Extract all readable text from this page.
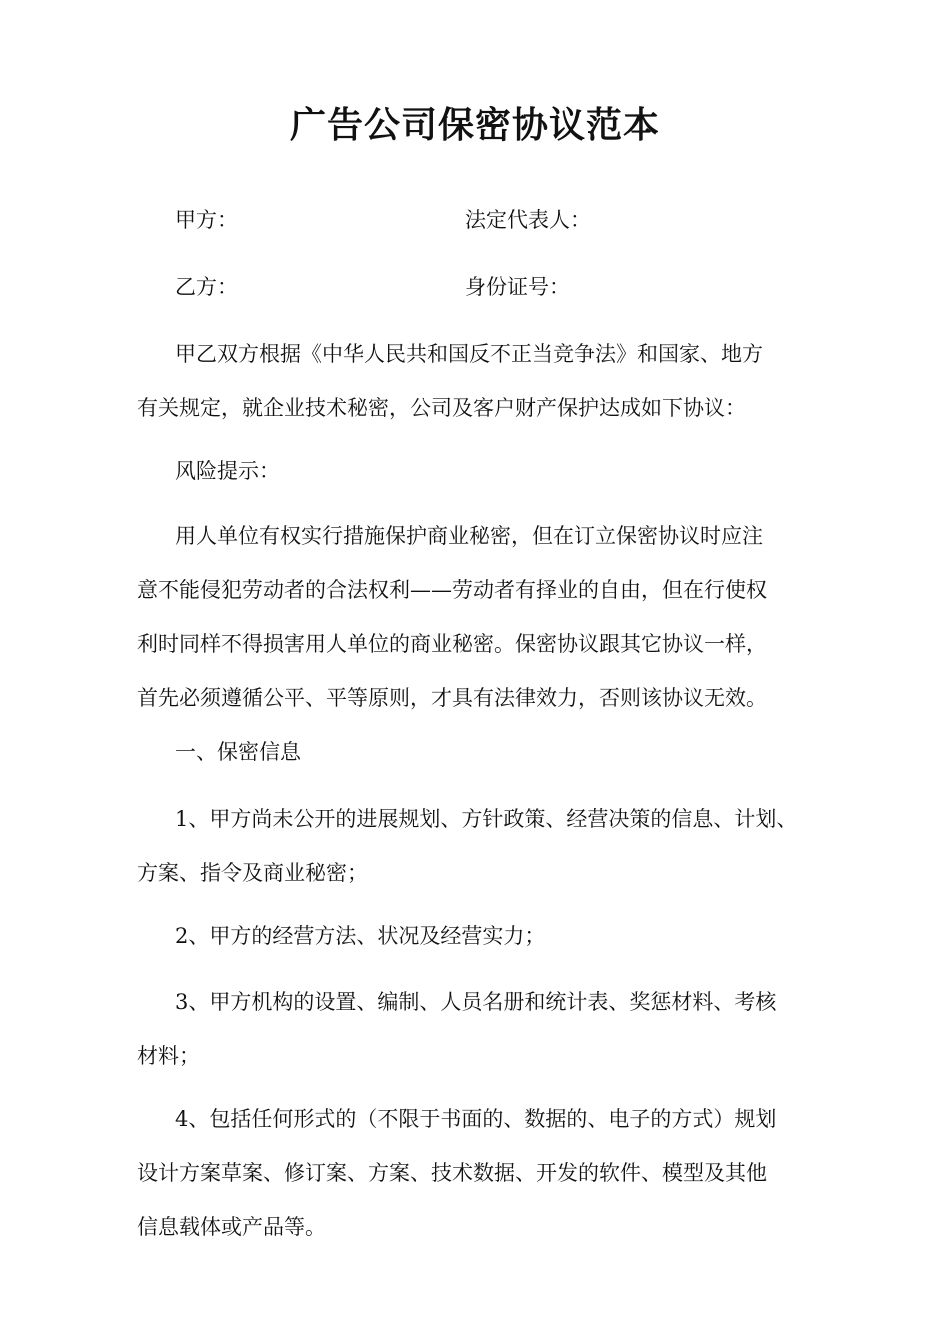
广告公司保密协议范本
甲方：	法定代表人：
乙方：	身份证号：
甲乙双方根据《中华人民共和国反不正当竞争法》和国家、地方
有关规定，就企业技术秘密，公司及客户财产保护达成如下协议：
风险提示：
用人单位有权实行措施保护商业秘密，但在订立保密协议时应注
意不能侵犯劳动者的合法权利——劳动者有择业的自由，但在行使权
利时同样不得损害用人单位的商业秘密。保密协议跟其它协议一样，
首先必须遵循公平、平等原则，才具有法律效力，否则该协议无效。
一、保密信息
1、甲方尚未公开的进展规划、方针政策、经营决策的信息、计划、
方案、指令及商业秘密；
2、甲方的经营方法、状况及经营实力；
3、甲方机构的设置、编制、人员名册和统计表、奖惩材料、考核
材料；
4、包括任何形式的（不限于书面的、数据的、电子的方式）规划
设计方案草案、修订案、方案、技术数据、开发的软件、模型及其他
信息载体或产品等。
